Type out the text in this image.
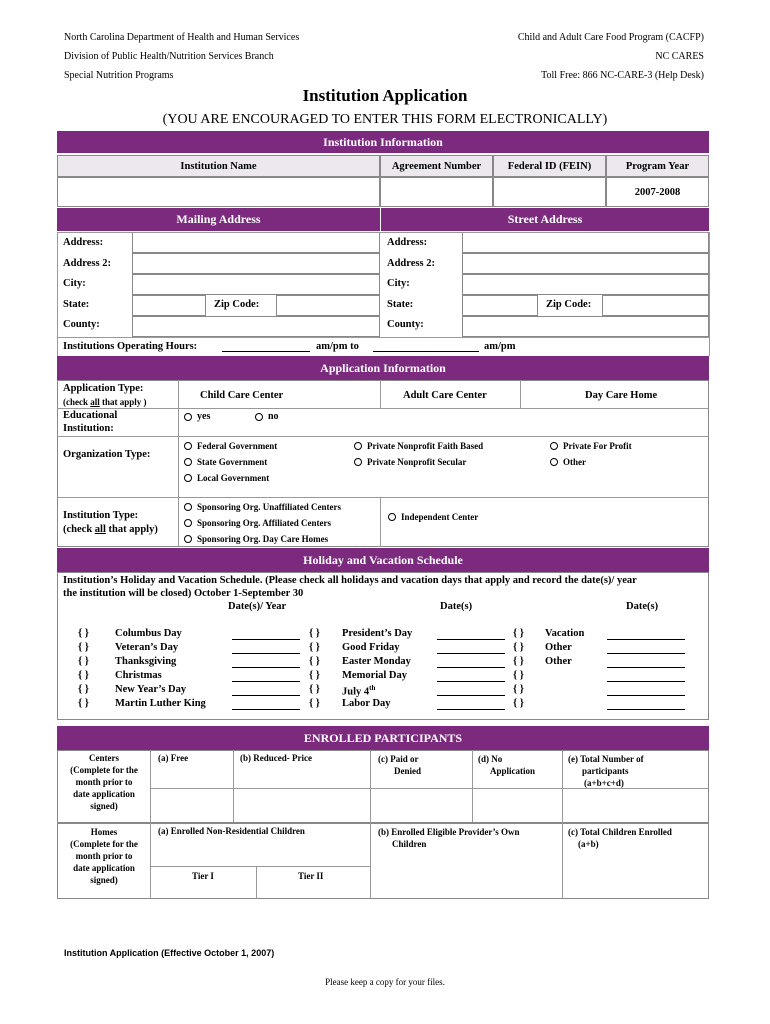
North Carolina Department of Health and Human Services
Division of Public Health/Nutrition Services Branch
Special Nutrition Programs
Child and Adult Care Food Program (CACFP)
NC CARES
Toll Free: 866 NC-CARE-3 (Help Desk)
Institution Application
(YOU ARE ENCOURAGED TO ENTER THIS FORM ELECTRONICALLY)
Institution Information
Institution Name	Agreement Number	Federal ID (FEIN)	Program Year
2007-2008
Mailing Address	Street Address
Address:
Address 2:
City:
State:	Zip Code:
County:
Address:
Address 2:
City:
State:	Zip Code:
County:
Institutions Operating Hours:	am/pm to	am/pm
Application Information
Application Type:
(check all that apply )
Child Care Center	Adult Care Center	Day Care Home
Educational
Institution:
yes	no
Organization Type:
Federal Government
State Government
Local Government
Private Nonprofit Faith Based
Private Nonprofit Secular
Private For Profit
Other
Institution Type:
(check all that apply)
Sponsoring Org. Unaffiliated Centers
Sponsoring Org. Affiliated Centers
Sponsoring Org. Day Care Homes
Independent Center
Holiday and Vacation Schedule
Institution’s Holiday and Vacation Schedule. (Please check all holidays and vacation days that apply and record the date(s)/ year
the institution will be closed) October 1-September 30
Date(s)/ Year	Date(s)	Date(s)
{ } Columbus Day
{ } Veteran’s Day
{ } Thanksgiving
{ } Christmas
{ } New Year’s Day
{ } Martin Luther King
{ } President’s Day
{ } Good Friday
{ } Easter Monday
{ } Memorial Day
{ } July 4th
{ } Labor Day
{ } Vacation
{ } Other
{ } Other
{ }
{ }
{ }
ENROLLED PARTICIPANTS
Centers
(Complete for the
month prior to
date application
signed)
(a) Free	(b) Reduced- Price	(c) Paid or
Denied
(d) No
Application
(e) Total Number of
participants
(a+b+c+d)
Homes
(Complete for the
month prior to
date application
signed)
(a) Enrolled Non-Residential Children	(b) Enrolled Eligible Provider’s Own
Children
(c) Total Children Enrolled
(a+b)
Tier I	Tier II
Institution Application (Effective October 1, 2007)
Please keep a copy for your files.
